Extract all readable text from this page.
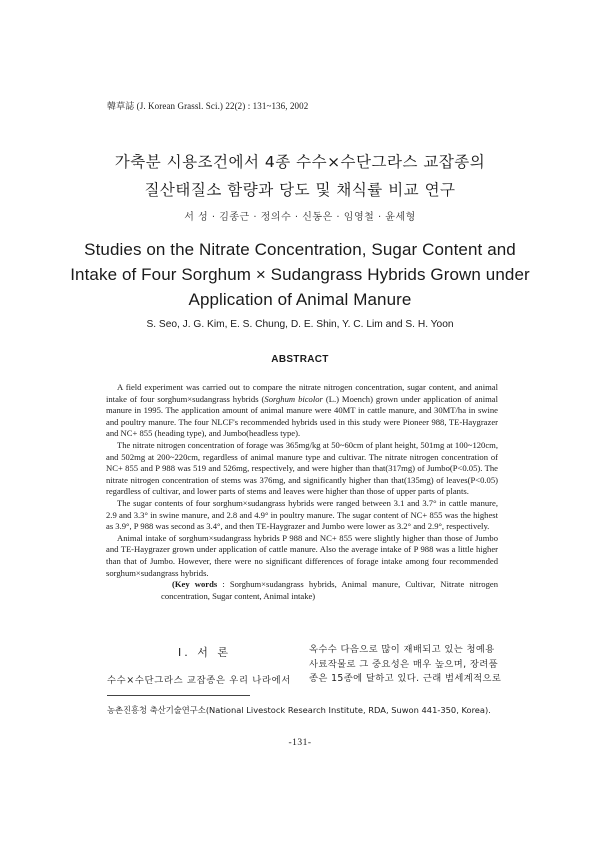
韓草誌 (J. Korean Grassl. Sci.) 22(2) : 131~136, 2002
가축분 시용조건에서 4종 수수×수단그라스 교잡종의
질산태질소 함량과 당도 및 채식률 비교 연구
서 성 · 김종근 · 정의수 · 신동은 · 임영철 · 윤세형
Studies on the Nitrate Concentration, Sugar Content and
Intake of Four Sorghum × Sudangrass Hybrids Grown under
Application of Animal Manure
S. Seo, J. G. Kim, E. S. Chung, D. E. Shin, Y. C. Lim and S. H. Yoon
ABSTRACT

A field experiment was carried out to compare the nitrate nitrogen concentration, sugar content, and animal intake of four sorghum×sudangrass hybrids (Sorghum bicolor (L.) Moench) grown under application of animal manure in 1995. The application amount of animal manure were 40MT in cattle manure, and 30MT/ha in swine and poultry manure. The four NLCF's recommended hybrids used in this study were Pioneer 988, TE-Haygrazer and NC+ 855 (heading type), and Jumbo(headless type).

The nitrate nitrogen concentration of forage was 365mg/kg at 50~60cm of plant height, 501mg at 100~120cm, and 502mg at 200~220cm, regardless of animal manure type and cultivar. The nitrate nitrogen concentration of NC+ 855 and P 988 was 519 and 526mg, respectively, and were higher than that(317mg) of Jumbo(P<0.05). The nitrate nitrogen concentration of stems was 376mg, and significantly higher than that(135mg) of leaves(P<0.05) regardless of cultivar, and lower parts of stems and leaves were higher than those of upper parts of plants.

The sugar contents of four sorghum×sudangrass hybrids were ranged between 3.1 and 3.7° in cattle manure, 2.9 and 3.3° in swine manure, and 2.8 and 4.9° in poultry manure. The sugar content of NC+ 855 was the highest as 3.9°, P 988 was second as 3.4°, and then TE-Haygrazer and Jumbo were lower as 3.2° and 2.9°, respectively.

Animal intake of sorghum×sudangrass hybrids P 988 and NC+ 855 were slightly higher than those of Jumbo and TE-Haygrazer grown under application of cattle manure. Also the average intake of P 988 was a little higher than that of Jumbo. However, there were no significant differences of forage intake among four recommended sorghum×sudangrass hybrids.

(Key words : Sorghum×sudangrass hybrids, Animal manure, Cultivar, Nitrate nitrogen concentration, Sugar content, Animal intake)

Ⅰ. 서 론
수수×수단그라스 교잡종은 우리 나라에서
옥수수 다음으로 많이 재배되고 있는 청예용
사료작물로 그 중요성은 매우 높으며, 장려품
종은 15종에 달하고 있다. 근래 범세계적으로
농촌진흥청 축산기술연구소(National Livestock Research Institute, RDA, Suwon 441-350, Korea).
-131-
